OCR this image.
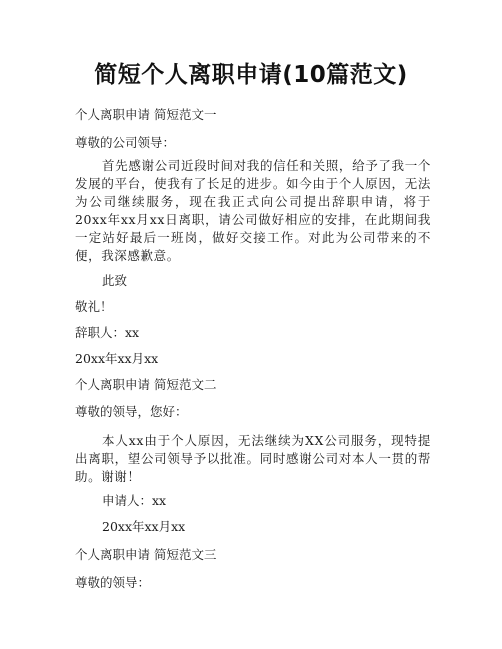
简短个人离职申请(10篇范文)
个人离职申请 简短范文一
尊敬的公司领导：
首先感谢公司近段时间对我的信任和关照，给予了我一个发展的平台，使我有了长足的进步。如今由于个人原因，无法为公司继续服务，现在我正式向公司提出辞职申请，将于20xx年xx月xx日离职，请公司做好相应的安排，在此期间我一定站好最后一班岗，做好交接工作。对此为公司带来的不便，我深感歉意。
此致
敬礼！
辞职人：xx
20xx年xx月xx
个人离职申请 简短范文二
尊敬的领导，您好：
本人xx由于个人原因，无法继续为XX公司服务，现特提出离职，望公司领导予以批准。同时感谢公司对本人一贯的帮助。谢谢！
申请人：xx
20xx年xx月xx
个人离职申请 简短范文三
尊敬的领导：
